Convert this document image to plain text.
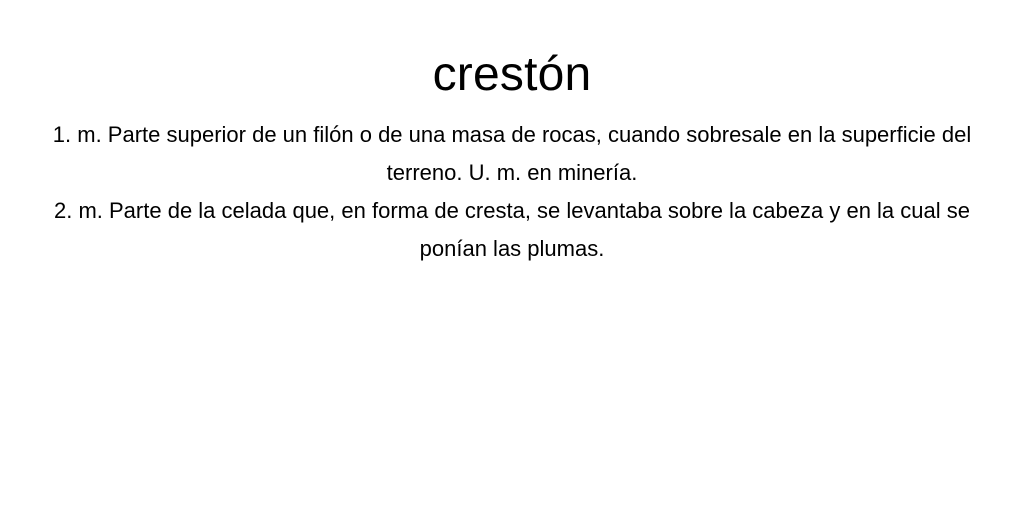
crestón

1. m. Parte superior de un filón o de una masa de rocas, cuando sobresale en la superficie del terreno. U. m. en minería.

2. m. Parte de la celada que, en forma de cresta, se levantaba sobre la cabeza y en la cual se ponían las plumas.
